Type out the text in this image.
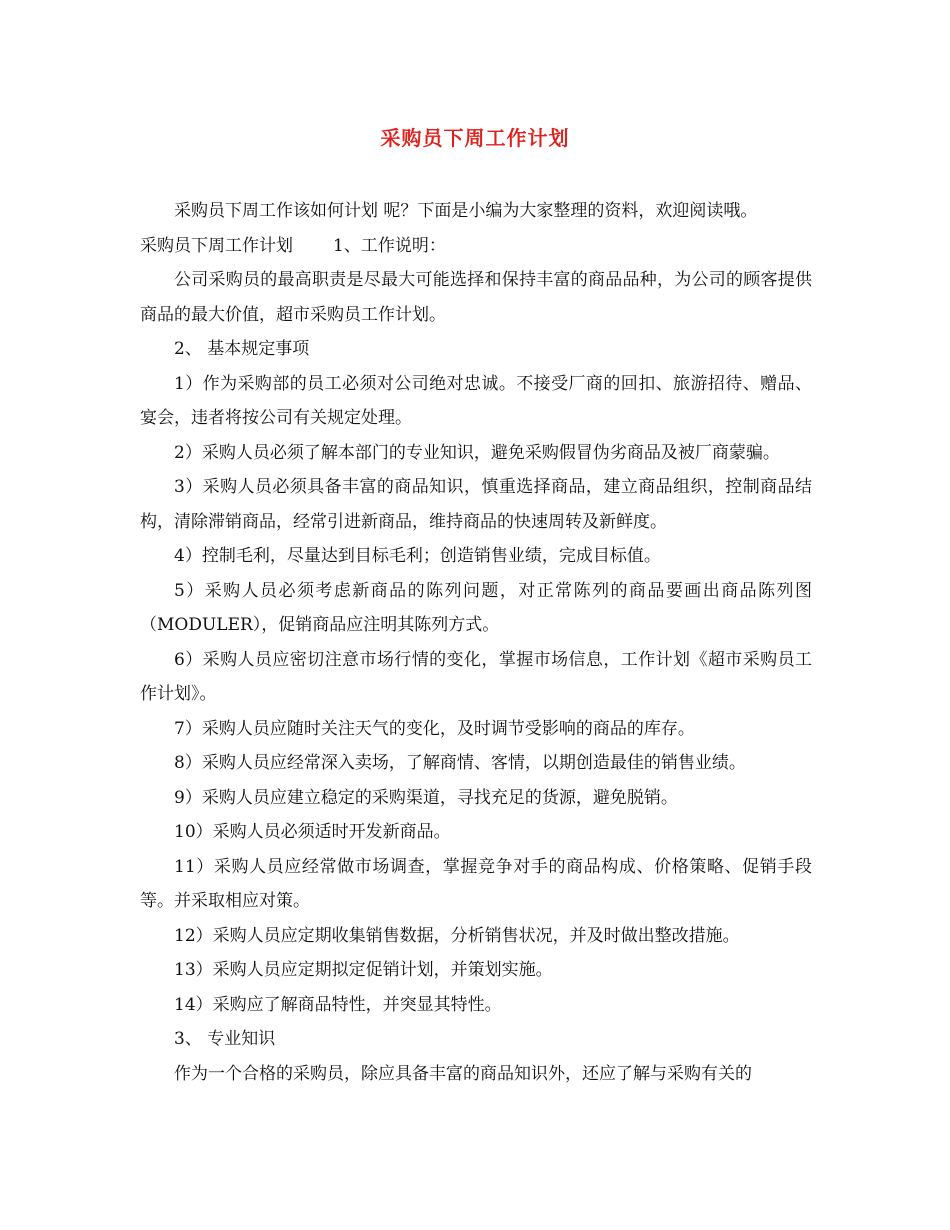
采购员下周工作计划

采购员下周工作该如何计划 呢？下面是小编为大家整理的资料，欢迎阅读哦。

采购员下周工作计划 1、工作说明：

公司采购员的最高职责是尽最大可能选择和保持丰富的商品品种，为公司的顾客提供商品的最大价值，超市采购员工作计划。

2、 基本规定事项

1）作为采购部的员工必须对公司绝对忠诚。不接受厂商的回扣、旅游招待、赠品、宴会，违者将按公司有关规定处理。

2）采购人员必须了解本部门的专业知识，避免采购假冒伪劣商品及被厂商蒙骗。

3）采购人员必须具备丰富的商品知识，慎重选择商品，建立商品组织，控制商品结构，清除滞销商品，经常引进新商品，维持商品的快速周转及新鲜度。

4）控制毛利，尽量达到目标毛利；创造销售业绩，完成目标值。

5）采购人员必须考虑新商品的陈列问题，对正常陈列的商品要画出商品陈列图（MODULER），促销商品应注明其陈列方式。

6）采购人员应密切注意市场行情的变化，掌握市场信息，工作计划《超市采购员工作计划》。

7）采购人员应随时关注天气的变化，及时调节受影响的商品的库存。

8）采购人员应经常深入卖场，了解商情、客情，以期创造最佳的销售业绩。

9）采购人员应建立稳定的采购渠道，寻找充足的货源，避免脱销。

10）采购人员必须适时开发新商品。

11）采购人员应经常做市场调查，掌握竞争对手的商品构成、价格策略、促销手段等。并采取相应对策。

12）采购人员应定期收集销售数据，分析销售状况，并及时做出整改措施。

13）采购人员应定期拟定促销计划，并策划实施。

14）采购应了解商品特性，并突显其特性。

3、 专业知识

作为一个合格的采购员，除应具备丰富的商品知识外，还应了解与采购有关的
